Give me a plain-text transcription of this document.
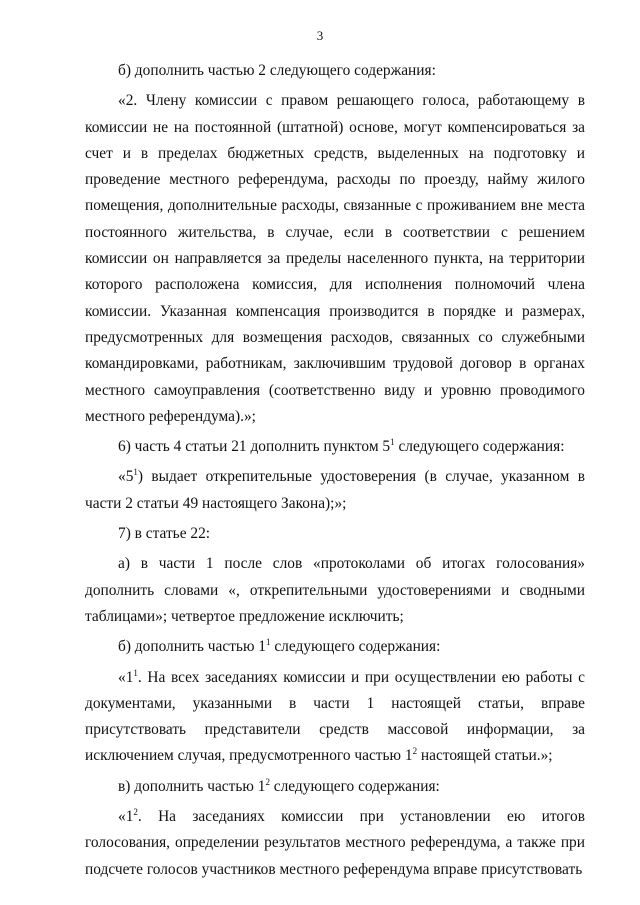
3

б) дополнить частью 2 следующего содержания:

«2. Члену комиссии с правом решающего голоса, работающему в комиссии не на постоянной (штатной) основе, могут компенсироваться за счет и в пределах бюджетных средств, выделенных на подготовку и проведение местного референдума, расходы по проезду, найму жилого помещения, дополнительные расходы, связанные с проживанием вне места постоянного жительства, в случае, если в соответствии с решением комиссии он направляется за пределы населенного пункта, на территории которого расположена комиссия, для исполнения полномочий члена комиссии. Указанная компенсация производится в порядке и размерах, предусмотренных для возмещения расходов, связанных со служебными командировками, работникам, заключившим трудовой договор в органах местного самоуправления (соответственно виду и уровню проводимого местного референдума).»;

6) часть 4 статьи 21 дополнить пунктом $5^1$ следующего содержания:

«$5^1$) выдает открепительные удостоверения (в случае, указанном в части 2 статьи 49 настоящего Закона);»;

7) в статье 22:

а) в части 1 после слов «протоколами об итогах голосования» дополнить словами «, открепительными удостоверениями и сводными таблицами»; четвертое предложение исключить;

б) дополнить частью $1^1$ следующего содержания:

«$1^1$. На всех заседаниях комиссии и при осуществлении ею работы с документами, указанными в части 1 настоящей статьи, вправе присутствовать представители средств массовой информации, за исключением случая, предусмотренного частью $1^2$ настоящей статьи.»;

в) дополнить частью $1^2$ следующего содержания:

«$1^2$. На заседаниях комиссии при установлении ею итогов голосования, определении результатов местного референдума, а также при подсчете голосов участников местного референдума вправе присутствовать
